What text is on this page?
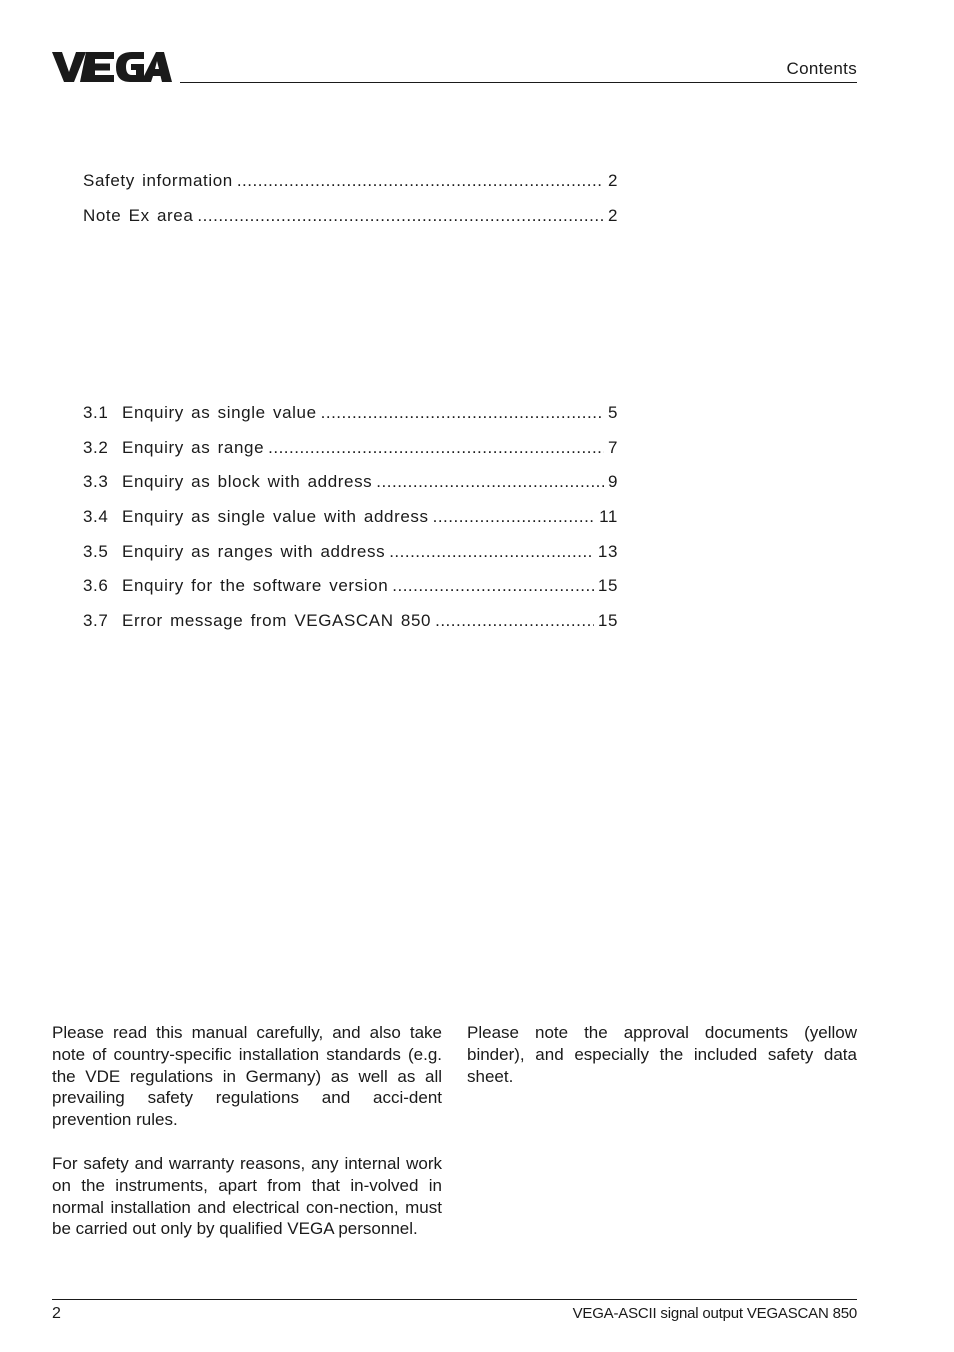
Contents
Safety information .....	2
Note Ex area .....	2
3.1 Enquiry as single value .....	5
3.2 Enquiry as range .....	7
3.3 Enquiry as block with address .....	9
3.4 Enquiry as single value with address .....	11
3.5 Enquiry as ranges with address .....	13
3.6 Enquiry for the software version .....	15
3.7 Error message from VEGASCAN 850 .....	15

Please read this manual carefully, and also take note of country-specific installation standards (e.g. the VDE regulations in Germany) as well as all prevailing safety regulations and acci-dent prevention rules.

For safety and warranty reasons, any internal work on the instruments, apart from that in-volved in normal installation and electrical con-nection, must be carried out only by qualified VEGA personnel.

Please note the approval documents (yellow binder), and especially the included safety data sheet.

2	VEGA-ASCII signal output VEGASCAN 850
